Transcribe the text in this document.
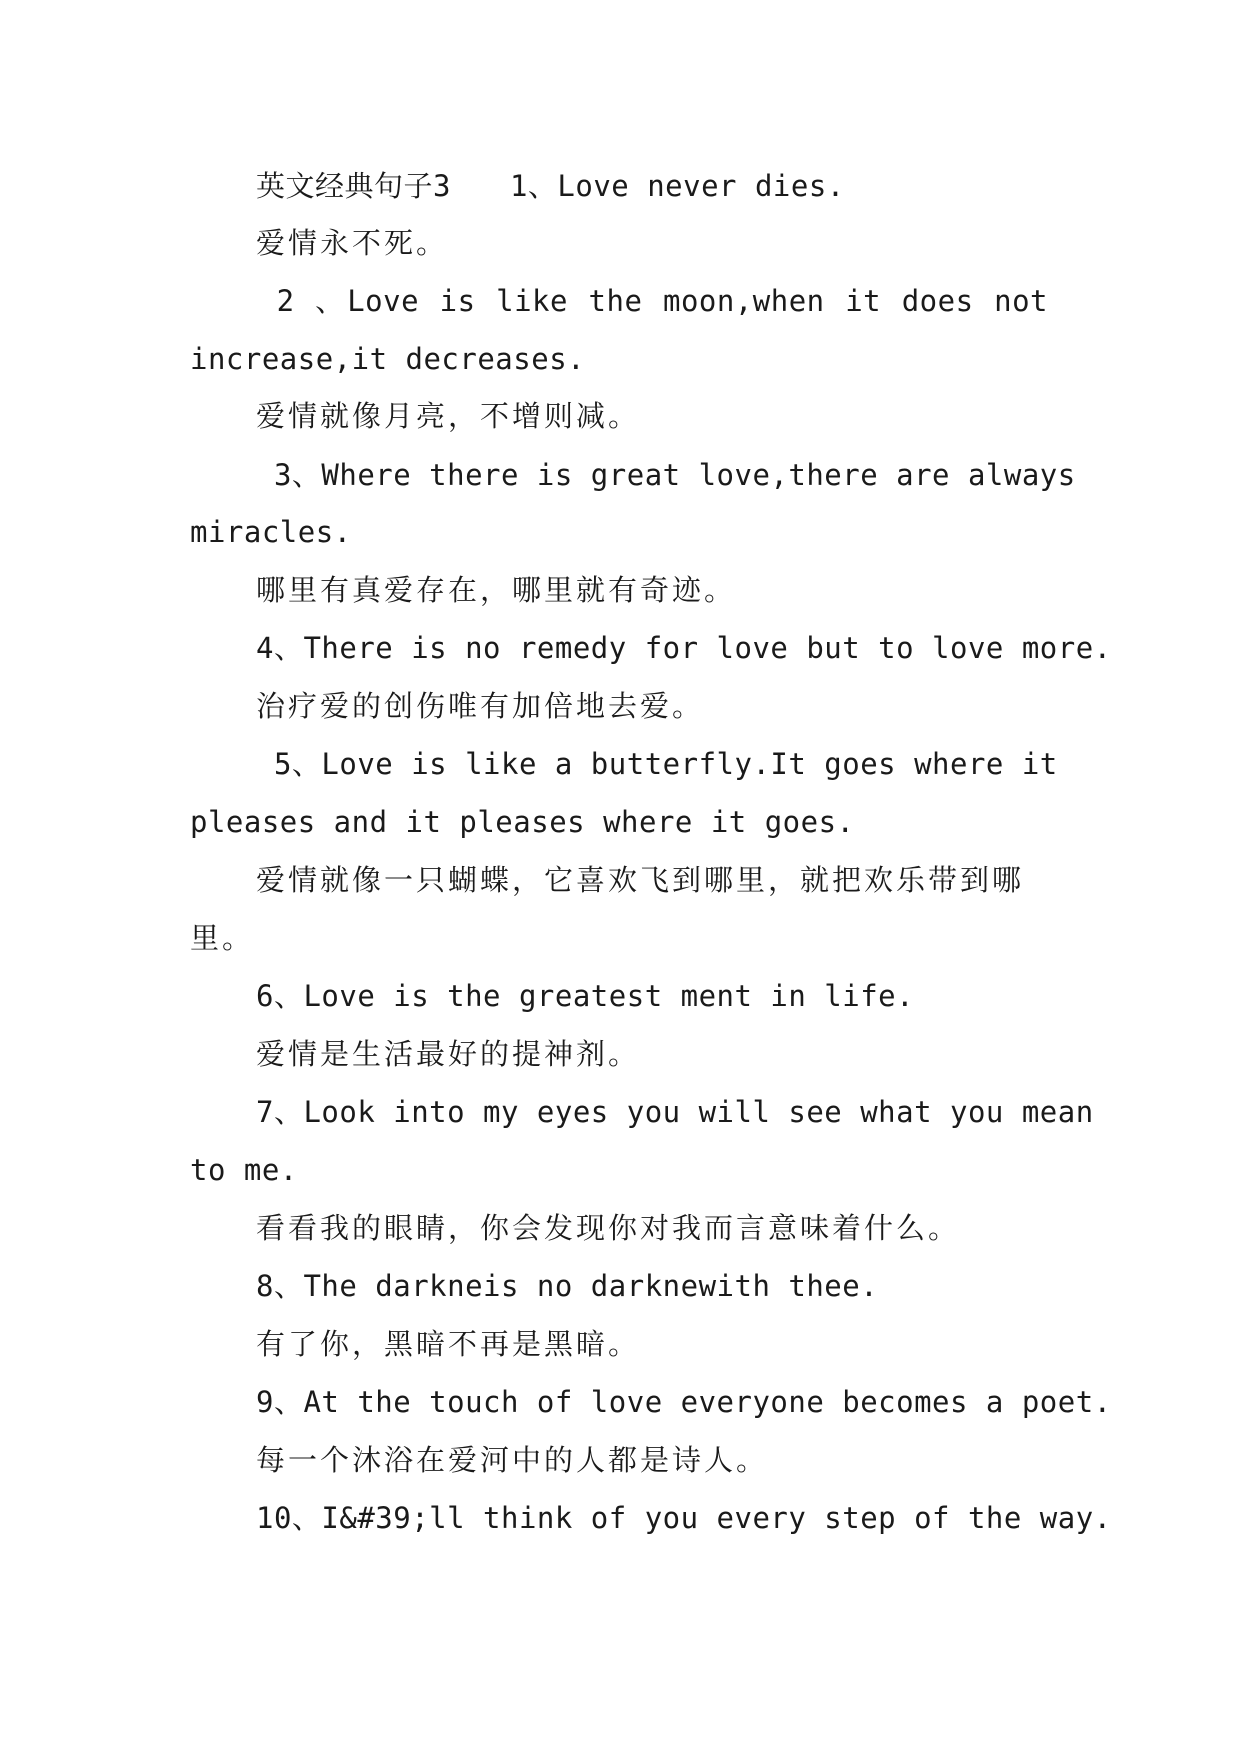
英文经典句子3　　1、Love never dies.
爱情永不死。
2 、Love is like the moon,when it does not
increase,it decreases.
爱情就像月亮，不增则减。
3、Where there is great love,there are always
miracles.
哪里有真爱存在，哪里就有奇迹。
4、There is no remedy for love but to love more.
治疗爱的创伤唯有加倍地去爱。
5、Love is like a butterfly.It goes where it
pleases and it pleases where it goes.
爱情就像一只蝴蝶，它喜欢飞到哪里，就把欢乐带到哪
里。
6、Love is the greatest ment in life.
爱情是生活最好的提神剂。
7、Look into my eyes you will see what you mean
to me.
看看我的眼睛，你会发现你对我而言意味着什么。
8、The darkneis no darknewith thee.
有了你，黑暗不再是黑暗。
9、At the touch of love everyone becomes a poet.
每一个沐浴在爱河中的人都是诗人。
10、I&#39;ll think of you every step of the way.
